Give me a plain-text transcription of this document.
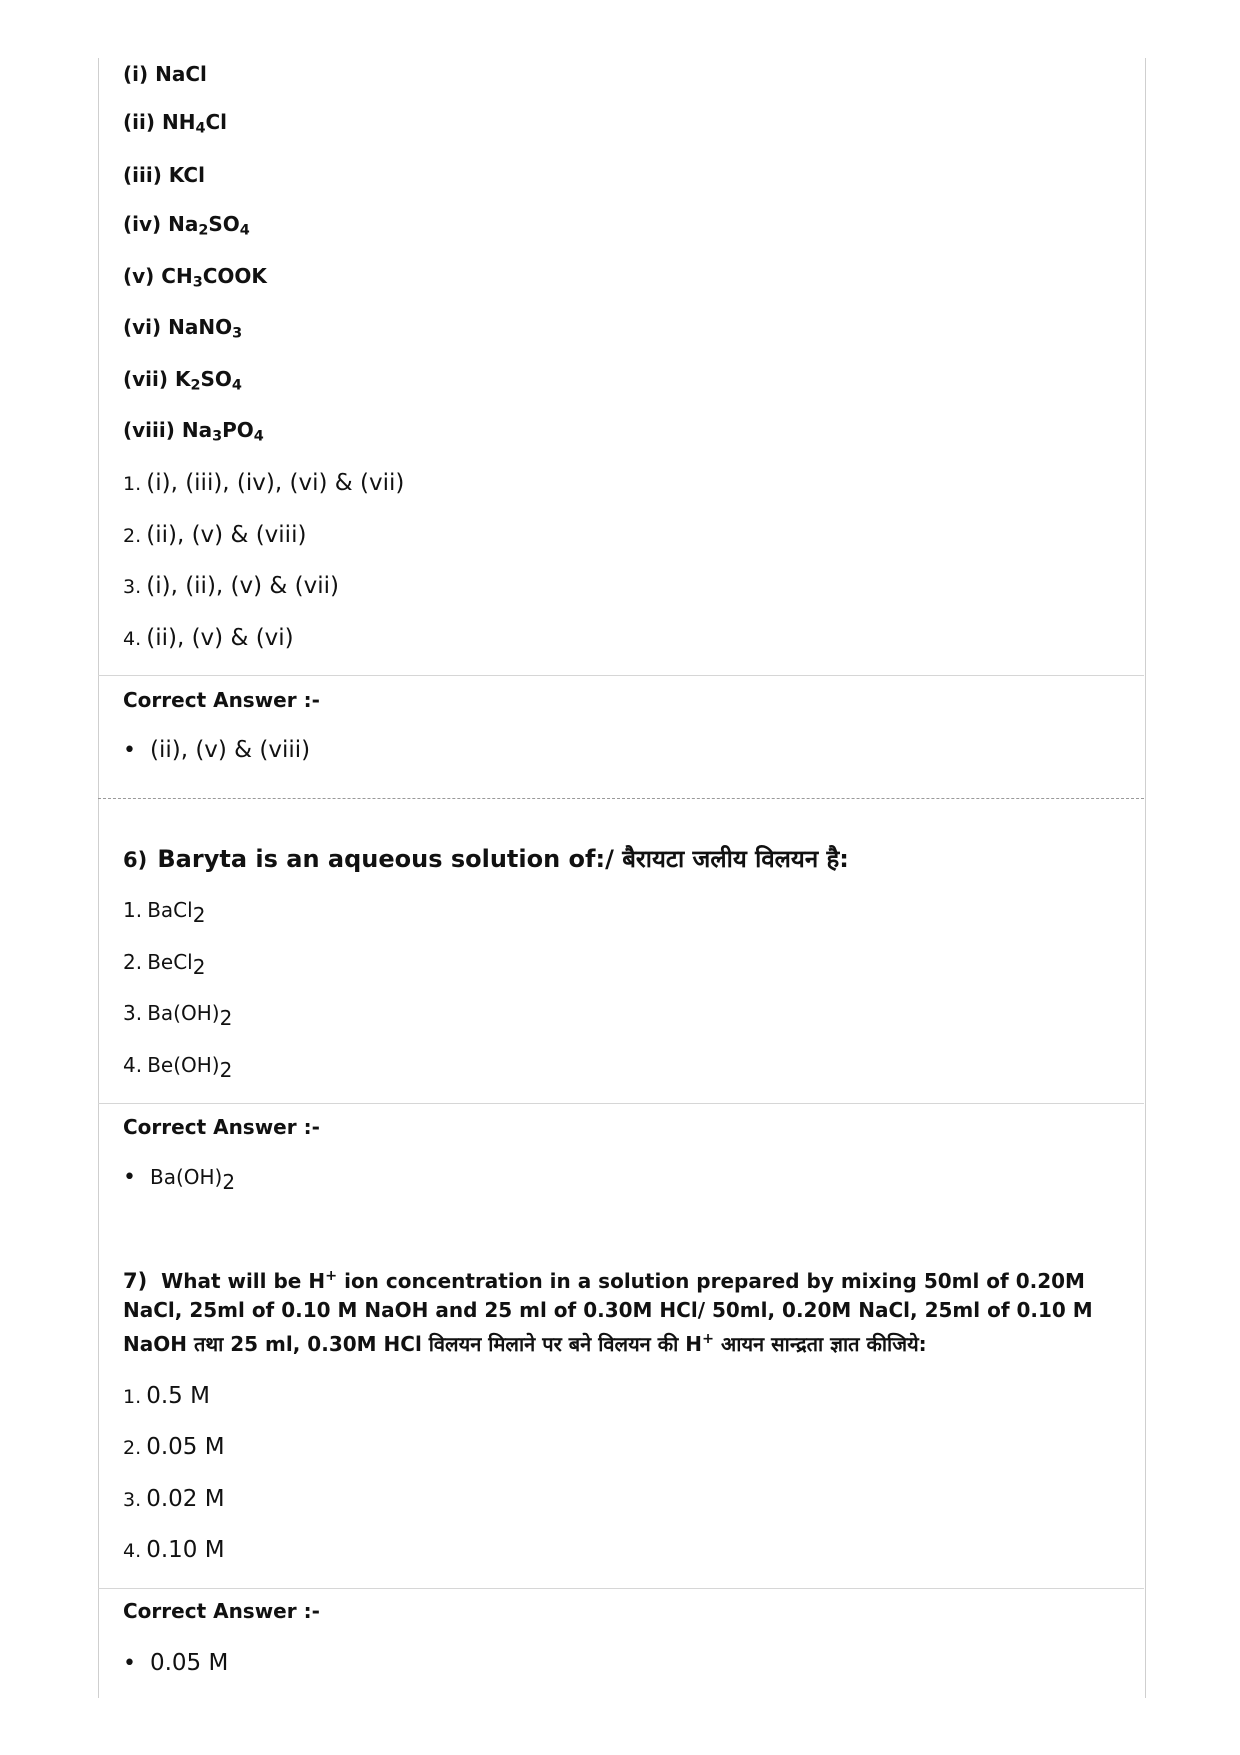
(i) NaCl
(ii) $NH_4Cl$
(iii) KCl
(iv) $Na_2SO_4$
(v) $CH_3COOK$
(vi) NaNO$_3$
(vii) $K_2SO_4$
(viii) $Na_3PO_4$
1. (i), (iii), (iv), (vi) & (vii)
2. (ii), (v) & (viii)
3. (i), (ii), (v) & (vii)
4. (ii), (v) & (vi)
Correct Answer :-
•  (ii), (v) & (viii)
6) Baryta is an aqueous solution of:/ बैरायटा जलीय विलयन है:
1. BaCl$_2$
2. BeCl$_2$
3. $Ba(OH)_2$
4. $Be(OH)_2$
Correct Answer :-
•  $Ba(OH)_2$
7) What will be H+ ion concentration in a solution prepared by mixing 50ml of 0.20M NaCl, 25ml of 0.10 M NaOH and 25 ml of 0.30M HCl/ 50ml, 0.20M NaCl, 25ml of 0.10 M NaOH तथा 25 ml, 0.30M HCl विलयन मिलाने पर बने विलयन की H+ आयन सान्द्रता ज्ञात कीजिये:
1. 0.5 M
2. 0.05 M
3. 0.02 M
4. 0.10 M
Correct Answer :-
•  0.05 M
